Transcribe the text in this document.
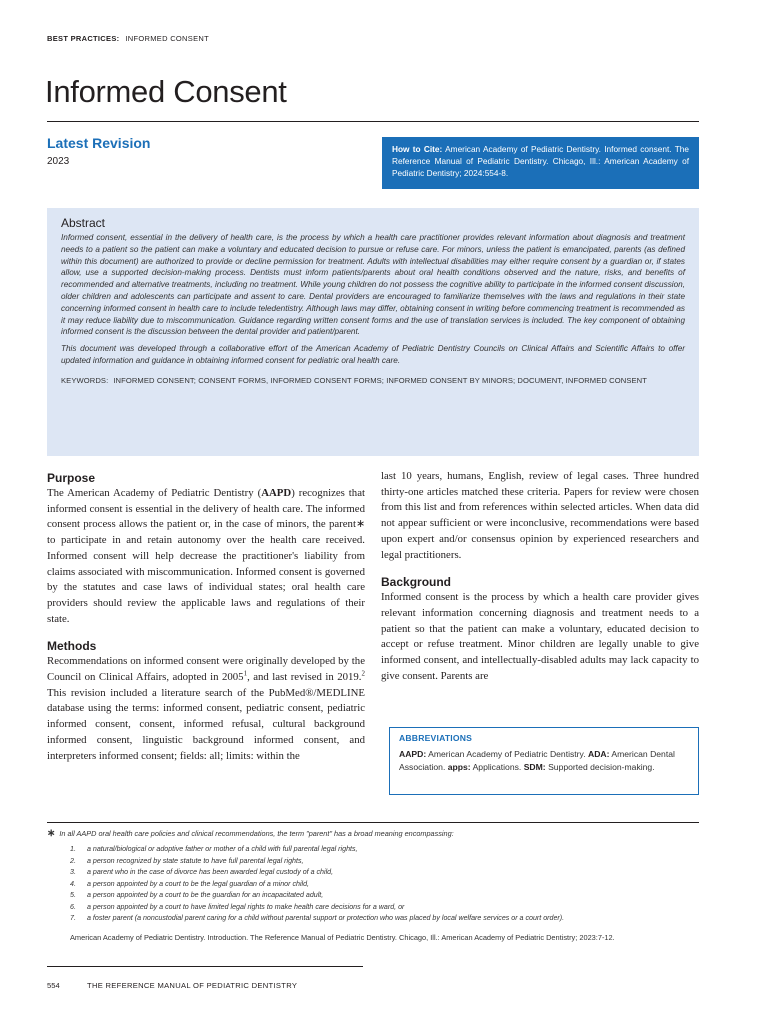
BEST PRACTICES: INFORMED CONSENT
Informed Consent
Latest Revision
2023
How to Cite: American Academy of Pediatric Dentistry. Informed consent. The Reference Manual of Pediatric Dentistry. Chicago, Ill.: American Academy of Pediatric Dentistry; 2024:554-8.
Abstract

Informed consent, essential in the delivery of health care, is the process by which a health care practitioner provides relevant information about diagnosis and treatment needs to a patient so the patient can make a voluntary and educated decision to pursue or refuse care. For minors, unless the patient is emancipated, parents (as defined within this document) are authorized to provide or decline permission for treatment. Adults with intellectual disabilities may either require consent by a guardian or, if states allow, use a supported decision-making process. Dentists must inform patients/parents about oral health conditions observed and the nature, risks, and benefits of recommended and alternative treatments, including no treatment. While young children do not possess the cognitive ability to participate in the informed consent discussion, older children and adolescents can participate and assent to care. Dental providers are encouraged to familiarize themselves with the laws and regulations in their state concerning informed consent in health care to include teledentistry. Although laws may differ, obtaining consent in writing before commencing treatment is recommended as it may reduce liability due to miscommunication. Guidance regarding written consent forms and the use of translation services is included. The key component of obtaining informed consent is the discussion between the dental provider and patient/parent.

This document was developed through a collaborative effort of the American Academy of Pediatric Dentistry Councils on Clinical Affairs and Scientific Affairs to offer updated information and guidance in obtaining informed consent for pediatric oral health care.

KEYWORDS: INFORMED CONSENT; CONSENT FORMS, INFORMED CONSENT FORMS; INFORMED CONSENT BY MINORS; DOCUMENT, INFORMED CONSENT
Purpose

The American Academy of Pediatric Dentistry (AAPD) recognizes that informed consent is essential in the delivery of health care. The informed consent process allows the patient or, in the case of minors, the parent∗ to participate in and retain autonomy over the health care received. Informed consent will help decrease the practitioner's liability from claims associated with miscommunication. Informed consent is governed by the statutes and case laws of individual states; oral health care providers should review the applicable laws and regulations of their state.

Methods

Recommendations on informed consent were originally developed by the Council on Clinical Affairs, adopted in 2005$^1$, and last revised in 2019.$^2$ This revision included a literature search of the PubMed®/MEDLINE database using the terms: informed consent, pediatric consent, pediatric informed consent, consent, informed refusal, cultural background informed consent, linguistic background informed consent, and interpreters informed consent; fields: all; limits: within the

last 10 years, humans, English, review of legal cases. Three hundred thirty-one articles matched these criteria. Papers for review were chosen from this list and from references within selected articles. When data did not appear sufficient or were inconclusive, recommendations were based upon expert and/or consensus opinion by experienced researchers and legal practitioners.

Background

Informed consent is the process by which a health care provider gives relevant information concerning diagnosis and treatment needs to a patient so that the patient can make a voluntary, educated decision to accept or refuse treatment. Minor children are legally unable to give informed consent, and intellectually-disabled adults may lack capacity to give consent. Parents are

ABBREVIATIONS
AAPD: American Academy of Pediatric Dentistry. ADA: American Dental Association. apps: Applications. SDM: Supported decision-making.
∗ In all AAPD oral health care policies and clinical recommendations, the term "parent" has a broad meaning encompassing:
1. a natural/biological or adoptive father or mother of a child with full parental legal rights,
2. a person recognized by state statute to have full parental legal rights,
3. a parent who in the case of divorce has been awarded legal custody of a child,
4. a person appointed by a court to be the legal guardian of a minor child,
5. a person appointed by a court to be the guardian for an incapacitated adult,
6. a person appointed by a court to have limited legal rights to make health care decisions for a ward, or
7. a foster parent (a noncustodial parent caring for a child without parental support or protection who was placed by local welfare services or a court order).
American Academy of Pediatric Dentistry. Introduction. The Reference Manual of Pediatric Dentistry. Chicago, Ill.: American Academy of Pediatric Dentistry; 2023:7-12.
554	THE REFERENCE MANUAL OF PEDIATRIC DENTISTRY
